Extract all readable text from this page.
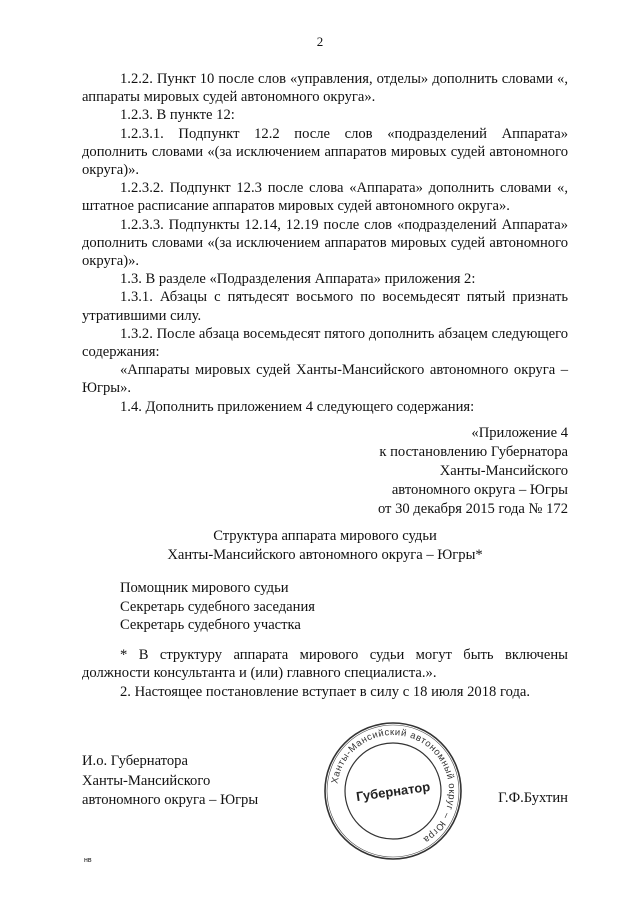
2

1.2.2. Пункт 10 после слов «управления, отделы» дополнить словами «, аппараты мировых судей автономного округа».

1.2.3. В пункте 12:

1.2.3.1. Подпункт 12.2 после слов «подразделений Аппарата» дополнить словами «(за исключением аппаратов мировых судей автономного округа)».

1.2.3.2. Подпункт 12.3 после слова «Аппарата» дополнить словами «, штатное расписание аппаратов мировых судей автономного округа».

1.2.3.3. Подпункты 12.14, 12.19 после слов «подразделений Аппарата» дополнить словами «(за исключением аппаратов мировых судей автономного округа)».

1.3. В разделе «Подразделения Аппарата» приложения 2:

1.3.1. Абзацы с пятьдесят восьмого по восемьдесят пятый признать утратившими силу.

1.3.2. После абзаца восемьдесят пятого дополнить абзацем следующего содержания:

«Аппараты мировых судей Ханты-Мансийского автономного округа – Югры».

1.4. Дополнить приложением 4 следующего содержания:

«Приложение 4
к постановлению Губернатора
Ханты-Мансийского
автономного округа – Югры
от 30 декабря 2015 года № 172
Структура аппарата мирового судьи
Ханты-Мансийского автономного округа – Югры*
Помощник мирового судьи
Секретарь судебного заседания
Секретарь судебного участка

* В структуру аппарата мирового судьи могут быть включены должности консультанта и (или) главного специалиста.».

2. Настоящее постановление вступает в силу с 18 июля 2018 года.

И.о. Губернатора
Ханты-Мансийского
автономного округа – Югры
Ханты-Мансийский автономный округ – Югра
Губернатор	Г.Ф.Бухтин
нв
